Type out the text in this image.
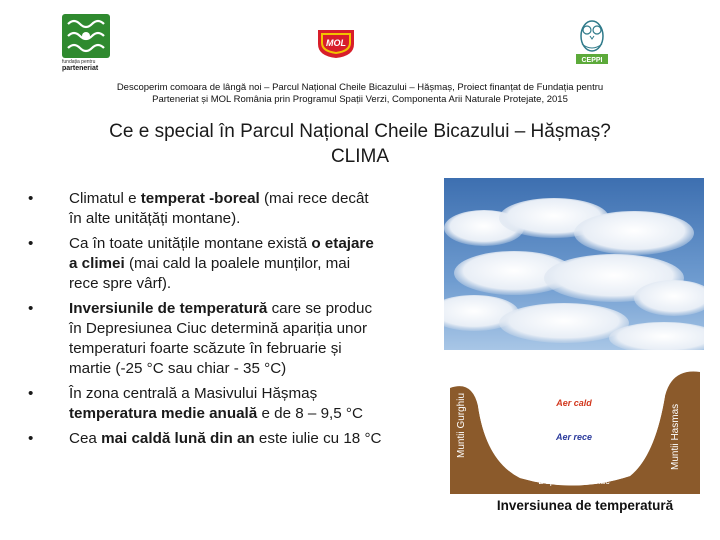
fundația pentru
parteneriat
MOL
CEPPI
Descoperim comoara de lângă noi – Parcul Național Cheile Bicazului – Hășmaș, Proiect finanțat de Fundația pentru
Parteneriat și MOL România prin Programul Spații Verzi, Componenta Arii Naturale Protejate, 2015
Ce e special în Parcul Național Cheile Bicazului – Hășmaș?
CLIMA
•	Climatul e temperat -boreal (mai rece decât
în alte unitățăți montane).
•	Ca în toate unitățile montane există o etajare
a climei (mai cald la poalele munților, mai
rece spre vârf).
•	Inversiunile de temperatură care se produc
în Depresiunea Ciuc determină apariția unor
temperaturi foarte scăzute în februarie și
martie (-25 °C sau chiar - 35 °C)
•	În zona centrală a Masivului Hășmaș
temperatura medie anuală e de 8 – 9,5 °C
•	Cea mai caldă lună din an este iulie cu 18 °C	Muntii Gurghiu	Muntii Hasmas
Aer cald
Aer rece
Depresiunea Ciuc
Inversiunea de temperatură
